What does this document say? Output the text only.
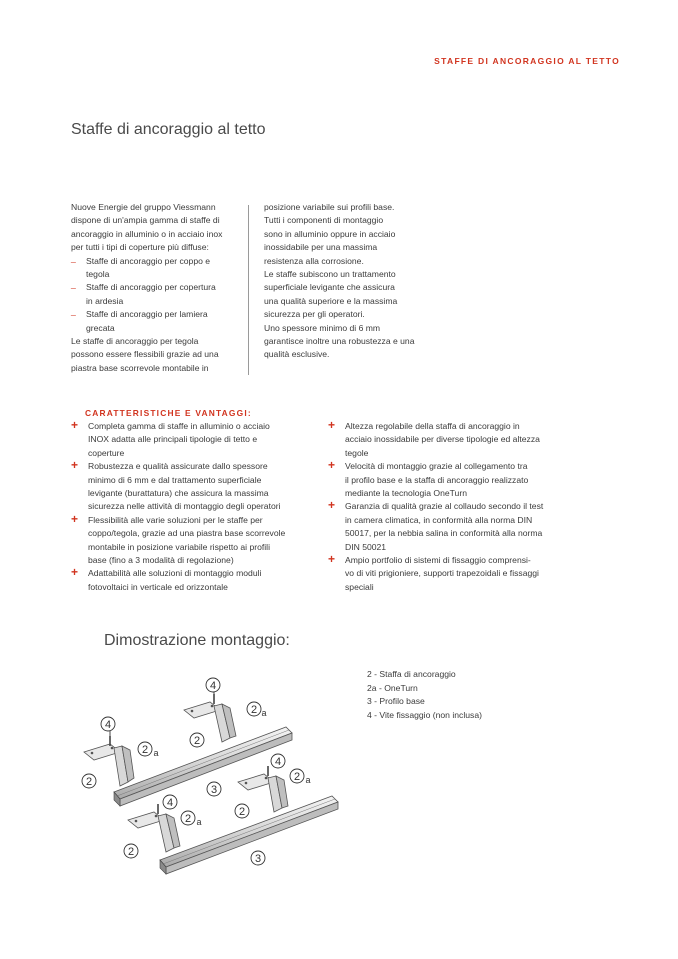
STAFFE DI ANCORAGGIO AL TETTO
Staffe di ancoraggio al tetto

Nuove Energie del gruppo Viessmann

dispone di un'ampia gamma di staffe di

ancoraggio in alluminio o in acciaio inox

per tutti i tipi di coperture più diffuse:

_ Staffe di ancoraggio per coppo e
tegola
_ Staffe di ancoraggio per copertura
in ardesia
_ Staffe di ancoraggio per lamiera
grecata

Le staffe di ancoraggio per tegola

possono essere flessibili grazie ad una

piastra base scorrevole montabile in

posizione variabile sui profili base.

Tutti i componenti di montaggio

sono in alluminio oppure in acciaio

inossidabile per una massima

resistenza alla corrosione.

Le staffe subiscono un trattamento

superficiale levigante che assicura

una qualità superiore e la massima

sicurezza per gli operatori.

Uno spessore minimo di 6 mm

garantisce inoltre una robustezza e una

qualità esclusive.

CARATTERISTICHE E VANTAGGI:
+ Completa gamma di staffe in alluminio o acciaio
INOX adatta alle principali tipologie di tetto e
coperture
+ Robustezza e qualità assicurate dallo spessore
minimo di 6 mm e dal trattamento superficiale
levigante (burattatura) che assicura la massima
sicurezza nelle attività di montaggio degli operatori
+ Flessibilità alle varie soluzioni per le staffe per
coppo/tegola, grazie ad una piastra base scorrevole
montabile in posizione variabile rispetto ai profili
base (fino a 3 modalità di regolazione)
+ Adattabilità alle soluzioni di montaggio moduli
fotovoltaici in verticale ed orizzontale
+ Altezza regolabile della staffa di ancoraggio in
acciaio inossidabile per diverse tipologie ed altezza
tegole
+ Velocità di montaggio grazie al collegamento tra
il profilo base e la staffa di ancoraggio realizzato
mediante la tecnologia OneTurn
+ Garanzia di qualità grazie al collaudo secondo il test
in camera climatica, in conformità alla norma DIN
50017, per la nebbia salina in conformità alla norma
DIN 50021
+ Ampio portfolio di sistemi di fissaggio comprensi-
vo di viti prigioniere, supporti trapezoidali e fissaggi
speciali
Dimostrazione montaggio:
4
2 a
2
4
2 a
2
3
3
4
2 a
2
4
2 a
2
2 - Staffa di ancoraggio
2a - OneTurn
3 - Profilo base
4 - Vite fissaggio (non inclusa)
